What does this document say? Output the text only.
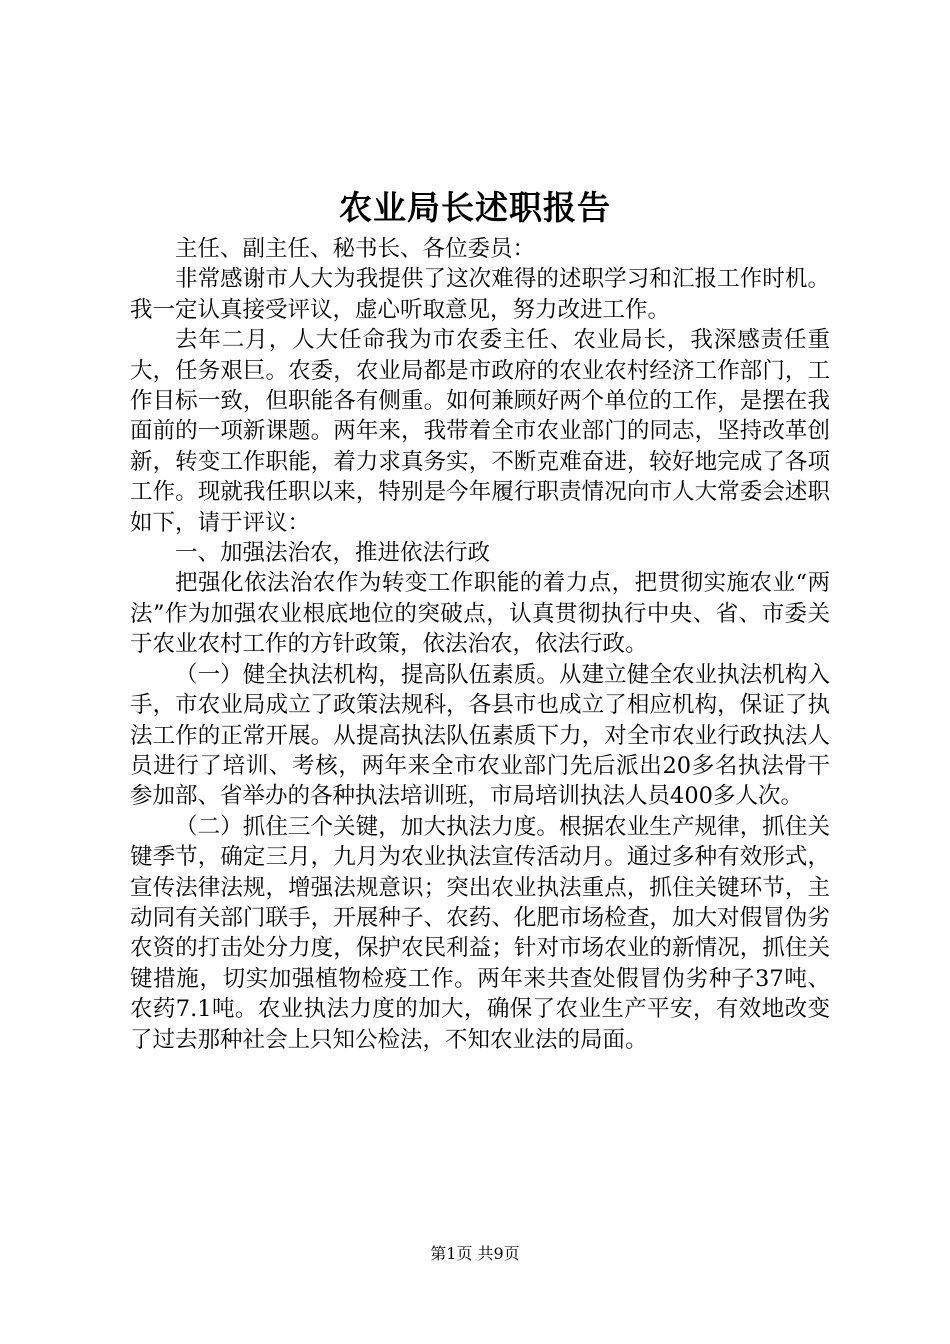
农业局长述职报告

主任、副主任、秘书长、各位委员：

非常感谢市人大为我提供了这次难得的述职学习和汇报工作时机。我一定认真接受评议，虚心听取意见，努力改进工作。

去年二月，人大任命我为市农委主任、农业局长，我深感责任重大，任务艰巨。农委，农业局都是市政府的农业农村经济工作部门，工作目标一致，但职能各有侧重。如何兼顾好两个单位的工作，是摆在我面前的一项新课题。两年来，我带着全市农业部门的同志，坚持改革创新，转变工作职能，着力求真务实，不断克难奋进，较好地完成了各项工作。现就我任职以来，特别是今年履行职责情况向市人大常委会述职如下，请于评议：

一、加强法治农，推进依法行政

把强化依法治农作为转变工作职能的着力点，把贯彻实施农业“两法”作为加强农业根底地位的突破点，认真贯彻执行中央、省、市委关于农业农村工作的方针政策，依法治农，依法行政。

（一）健全执法机构，提高队伍素质。从建立健全农业执法机构入手，市农业局成立了政策法规科，各县市也成立了相应机构，保证了执法工作的正常开展。从提高执法队伍素质下力，对全市农业行政执法人员进行了培训、考核，两年来全市农业部门先后派出20多名执法骨干参加部、省举办的各种执法培训班，市局培训执法人员400多人次。

（二）抓住三个关键，加大执法力度。根据农业生产规律，抓住关键季节，确定三月，九月为农业执法宣传活动月。通过多种有效形式，宣传法律法规，增强法规意识；突出农业执法重点，抓住关键环节，主动同有关部门联手，开展种子、农药、化肥市场检查，加大对假冒伪劣农资的打击处分力度，保护农民利益；针对市场农业的新情况，抓住关键措施，切实加强植物检疫工作。两年来共查处假冒伪劣种子37吨、农药7.1吨。农业执法力度的加大，确保了农业生产平安，有效地改变了过去那种社会上只知公检法，不知农业法的局面。

第1页 共9页
